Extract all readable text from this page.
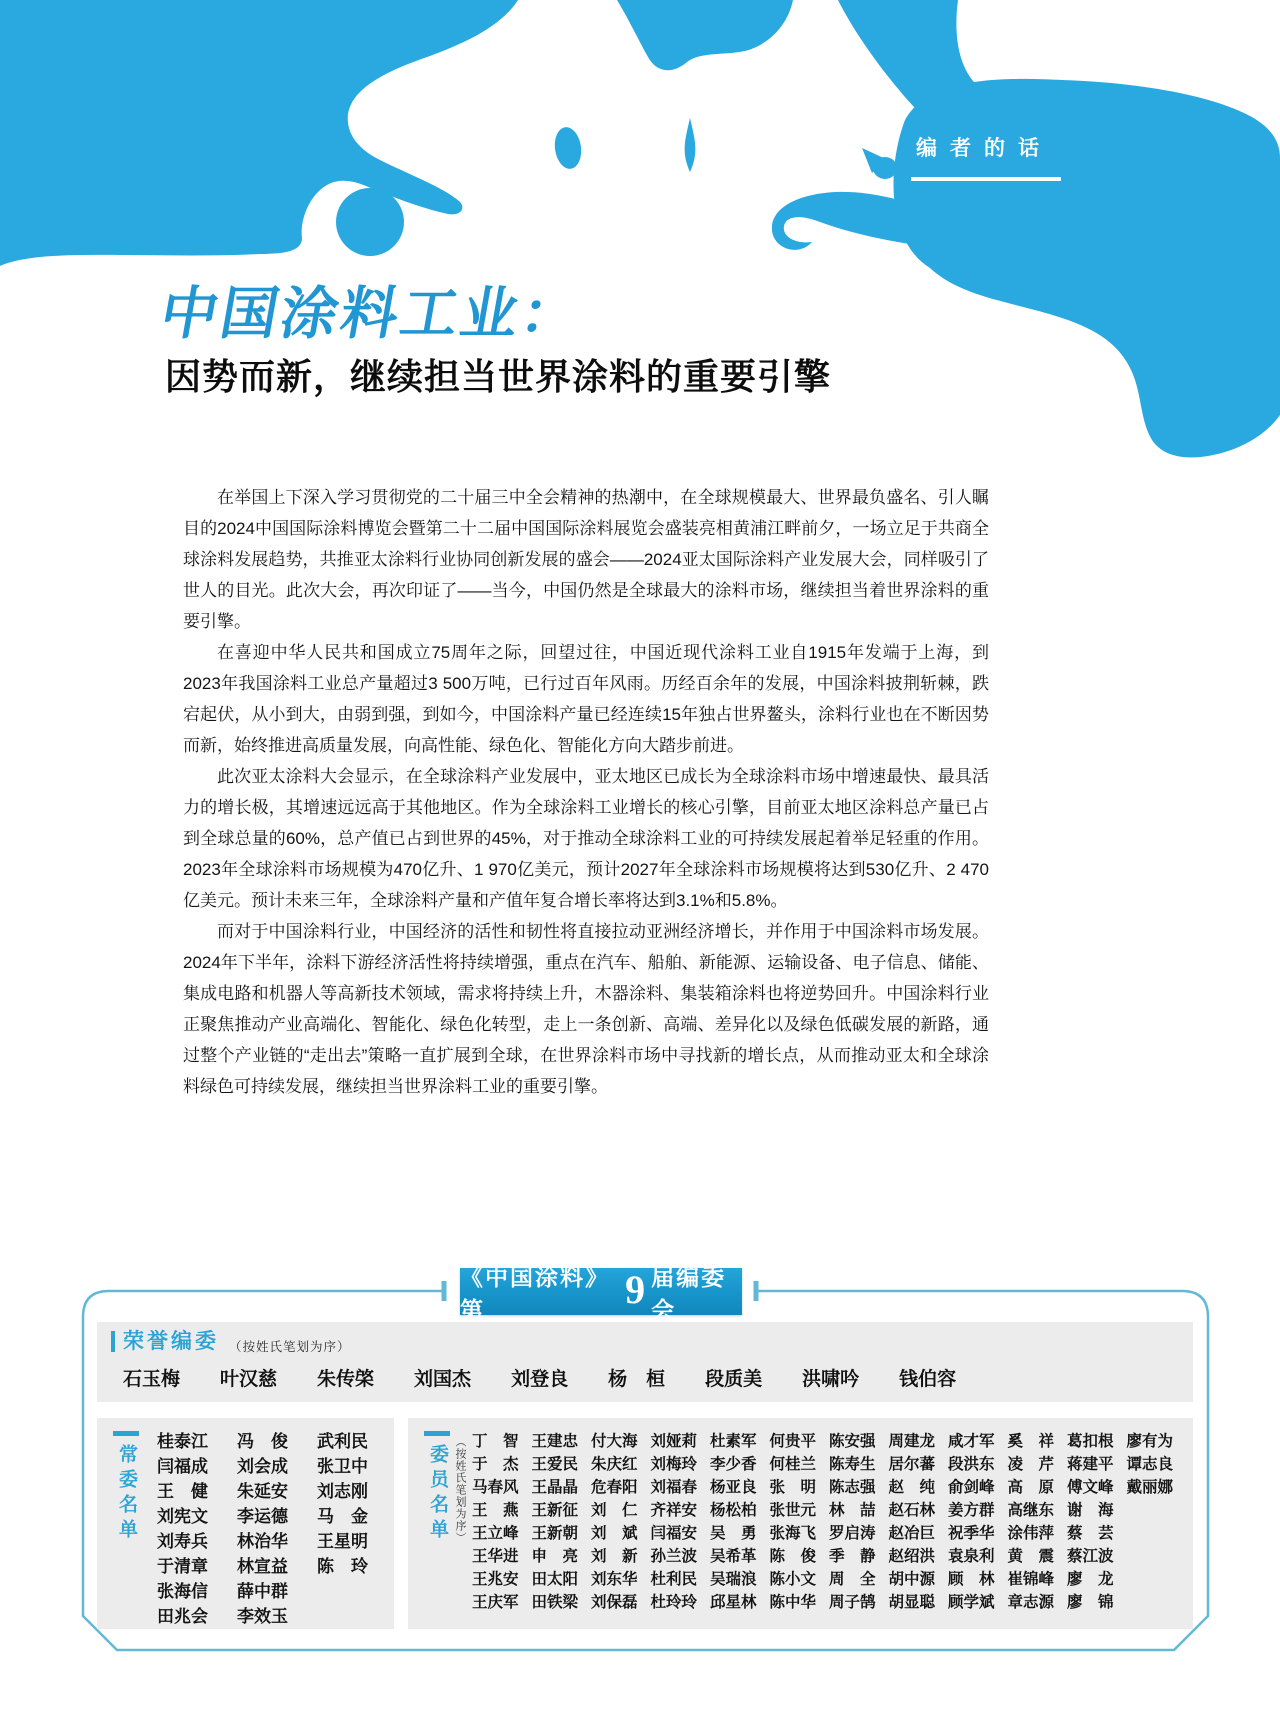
编者的话
中国涂料工业：
因势而新，继续担当世界涂料的重要引擎

在举国上下深入学习贯彻党的二十届三中全会精神的热潮中，在全球规模最大、世界最负盛名、引人瞩目的2024中国国际涂料博览会暨第二十二届中国国际涂料展览会盛装亮相黄浦江畔前夕，一场立足于共商全球涂料发展趋势，共推亚太涂料行业协同创新发展的盛会——2024亚太国际涂料产业发展大会，同样吸引了世人的目光。此次大会，再次印证了——当今，中国仍然是全球最大的涂料市场，继续担当着世界涂料的重要引擎。

在喜迎中华人民共和国成立75周年之际，回望过往，中国近现代涂料工业自1915年发端于上海，到2023年我国涂料工业总产量超过3 500万吨，已行过百年风雨。历经百余年的发展，中国涂料披荆斩棘，跌宕起伏，从小到大，由弱到强，到如今，中国涂料产量已经连续15年独占世界鳌头，涂料行业也在不断因势而新，始终推进高质量发展，向高性能、绿色化、智能化方向大踏步前进。

此次亚太涂料大会显示，在全球涂料产业发展中，亚太地区已成长为全球涂料市场中增速最快、最具活力的增长极，其增速远远高于其他地区。作为全球涂料工业增长的核心引擎，目前亚太地区涂料总产量已占到全球总量的60%，总产值已占到世界的45%，对于推动全球涂料工业的可持续发展起着举足轻重的作用。2023年全球涂料市场规模为470亿升、1 970亿美元，预计2027年全球涂料市场规模将达到530亿升、2 470亿美元。预计未来三年，全球涂料产量和产值年复合增长率将达到3.1%和5.8%。

而对于中国涂料行业，中国经济的活性和韧性将直接拉动亚洲经济增长，并作用于中国涂料市场发展。2024年下半年，涂料下游经济活性将持续增强，重点在汽车、船舶、新能源、运输设备、电子信息、储能、集成电路和机器人等高新技术领域，需求将持续上升，木器涂料、集装箱涂料也将逆势回升。中国涂料行业正聚焦推动产业高端化、智能化、绿色化转型，走上一条创新、高端、差异化以及绿色低碳发展的新路，通过整个产业链的“走出去”策略一直扩展到全球，在世界涂料市场中寻找新的增长点，从而推动亚太和全球涂料绿色可持续发展，继续担当世界涂料工业的重要引擎。

《中国涂料》第	9 届编委会
荣誉编委 （按姓氏笔划为序）
石玉梅 叶汉慈 朱传棨 刘国杰 刘登良 杨　桓 段质美 洪啸吟 钱伯容
常委名单
桂泰江
闫福成
王　健
刘宪文
刘寿兵
于清章
张海信
田兆会
冯　俊
刘会成
朱延安
李运德
林治华
林宣益
薛中群
李效玉
武利民
张卫中
刘志刚
马　金
王星明
陈　玲
委员名单 （按姓氏笔划为序） 丁　智
于　杰
马春风
王　燕
王立峰
王华进
王兆安
王庆军
王建忠
王爱民
王晶晶
王新征
王新朝
申　亮
田太阳
田铁梁
付大海
朱庆红
危春阳
刘　仁
刘　斌
刘　新
刘东华
刘保磊
刘娅莉
刘梅玲
刘福春
齐祥安
闫福安
孙兰波
杜利民
杜玲玲
杜素军
李少香
杨亚良
杨松柏
吴　勇
吴希革
吴瑞浪
邱星林
何贵平
何桂兰
张　明
张世元
张海飞
陈　俊
陈小文
陈中华
陈安强
陈寿生
陈志强
林　喆
罗启涛
季　静
周　全
周子鹄
周建龙
居尔蕃
赵　纯
赵石林
赵冶巨
赵绍洪
胡中源
胡显聪
咸才军
段洪东
俞剑峰
姜方群
祝季华
袁泉利
顾　林
顾学斌
奚　祥
凌　芹
高　原
高继东
涂伟萍
黄　震
崔锦峰
章志源
葛扣根
蒋建平
傅文峰
谢　海
蔡　芸
蔡江波
廖　龙
廖　锦
廖有为
谭志良
戴丽娜
